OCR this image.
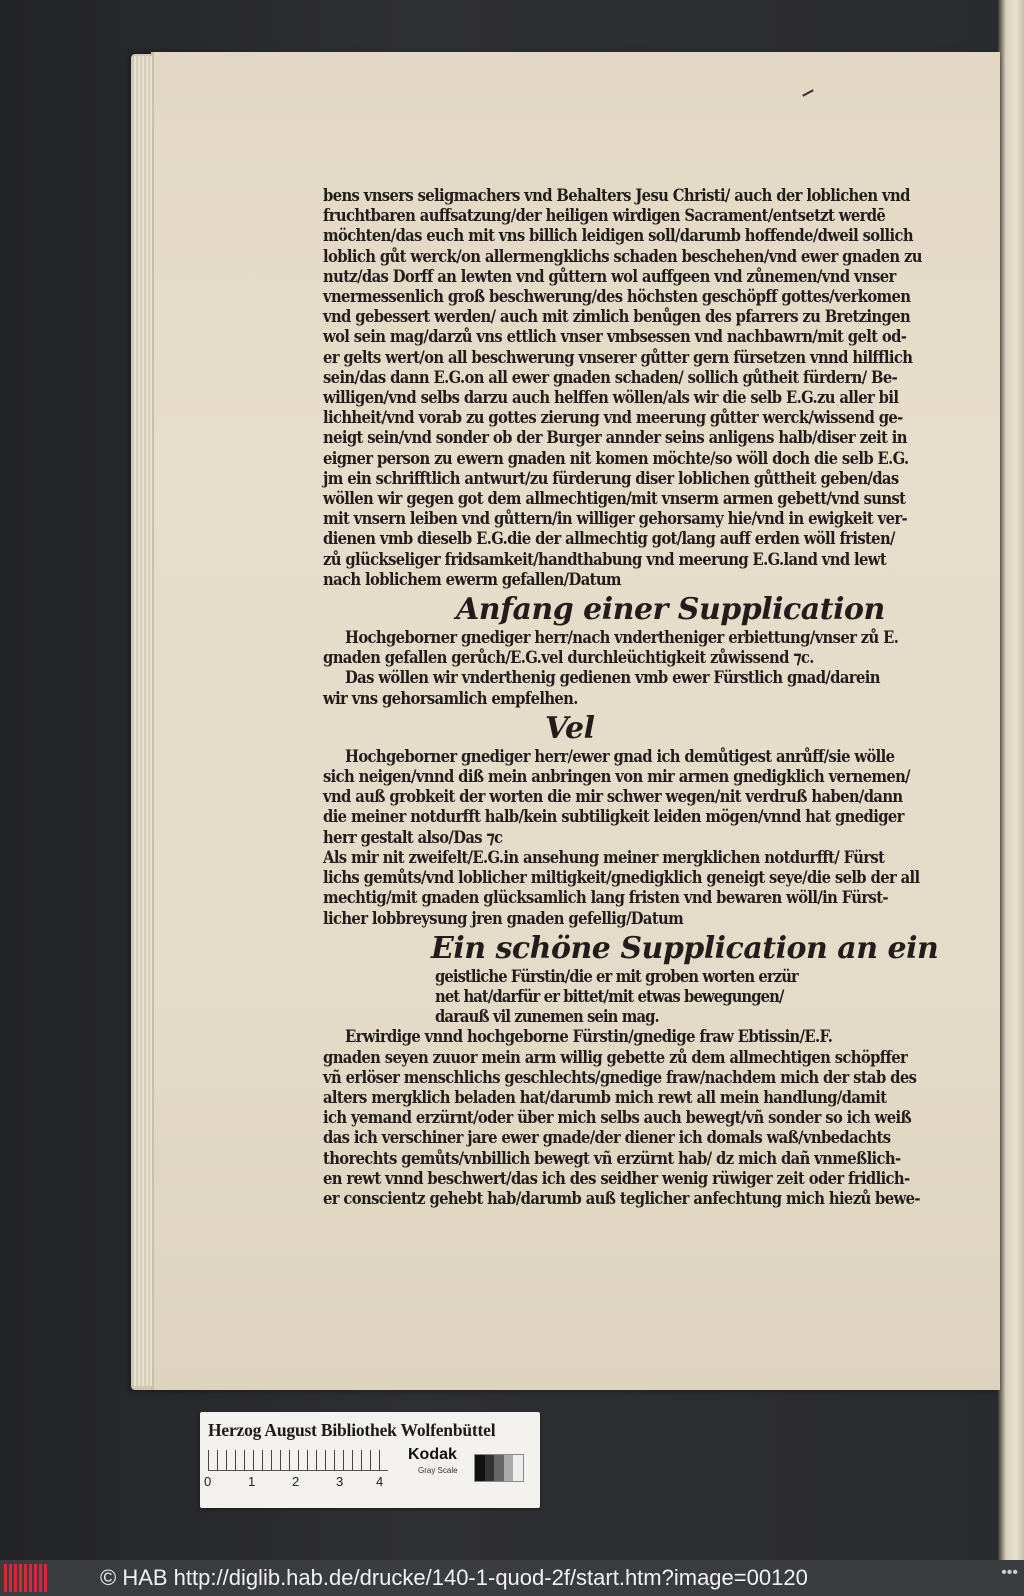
bens vnsers seligmachers vnd Behalters Jesu Christi/ auch der loblichen vnd
fruchtbaren auffsatzung/der heiligen wirdigen Sacrament/entsetzt werdē
möchten/das euch mit vns billich leidigen soll/darumb hoffende/dweil sollich
loblich gůt werck/on allermengklichs schaden beschehen/vnd ewer gnaden zu
nutz/das Dorff an lewten vnd gůttern wol auffgeen vnd zůnemen/vnd vnser
vnermessenlich groß beschwerung/des höchsten geschöpff gottes/verkomen
vnd gebessert werden/ auch mit zimlich benůgen des pfarrers zu Bretzingen
wol sein mag/darzů vns ettlich vnser vmbsessen vnd nachbawrn/mit gelt od-
er gelts wert/on all beschwerung vnserer gůtter gern fürsetzen vnnd hilfflich
sein/das dann E.G.on all ewer gnaden schaden/ sollich gůtheit fürdern/ Be-
willigen/vnd selbs darzu auch helffen wöllen/als wir die selb E.G.zu aller bil
lichheit/vnd vorab zu gottes zierung vnd meerung gůtter werck/wissend ge-
neigt sein/vnd sonder ob der Burger annder seins anligens halb/diser zeit in
eigner person zu ewern gnaden nit komen möchte/so wöll doch die selb E.G.
jm ein schrifftlich antwurt/zu fürderung diser loblichen gůttheit geben/das
wöllen wir gegen got dem allmechtigen/mit vnserm armen gebett/vnd sunst
mit vnsern leiben vnd gůttern/in williger gehorsamy hie/vnd in ewigkeit ver-
dienen vmb dieselb E.G.die der allmechtig got/lang auff erden wöll fristen/
zů glückseliger fridsamkeit/handthabung vnd meerung E.G.land vnd lewt
nach loblichem ewerm gefallen/Datum
Anfang einer Supplication
Hochgeborner gnediger herr/nach vndertheniger erbiettung/vnser zů E.
gnaden gefallen gerůch/E.G.vel durchleüchtigkeit zůwissend ⁊c.
Das wöllen wir vnderthenig gedienen vmb ewer Fürstlich gnad/darein
wir vns gehorsamlich empfelhen.
Vel
Hochgeborner gnediger herr/ewer gnad ich demůtigest anrůff/sie wölle
sich neigen/vnnd diß mein anbringen von mir armen gnedigklich vernemen/
vnd auß grobkeit der worten die mir schwer wegen/nit verdruß haben/dann
die meiner notdurfft halb/kein subtiligkeit leiden mögen/vnnd hat gnediger
herr gestalt also/Das ⁊c
Als mir nit zweifelt/E.G.in ansehung meiner mergklichen notdurfft/ Fürst
lichs gemůts/vnd loblicher miltigkeit/gnedigklich geneigt seye/die selb der all
mechtig/mit gnaden glücksamlich lang fristen vnd bewaren wöll/in Fürst-
licher lobbreysung jren gnaden gefellig/Datum
Ein schöne Supplication an ein
geistliche Fürstin/die er mit groben worten erzür
net hat/darfür er bittet/mit etwas bewegungen/
darauß vil zunemen sein mag.
Erwirdige vnnd hochgeborne Fürstin/gnedige fraw Ebtissin/E.F.
gnaden seyen zuuor mein arm willig gebette zů dem allmechtigen schöpffer
vñ erlöser menschlichs geschlechts/gnedige fraw/nachdem mich der stab des
alters mergklich beladen hat/darumb mich rewt all mein handlung/damit
ich yemand erzürnt/oder über mich selbs auch bewegt/vñ sonder so ich weiß
das ich verschiner jare ewer gnade/der diener ich domals waß/vnbedachts
thorechts gemůts/vnbillich bewegt vñ erzürnt hab/ dz mich dañ vnmeßlich-
en rewt vnnd beschwert/das ich des seidher wenig rüwiger zeit oder fridlich-
er conscientz gehebt hab/darumb auß teglicher anfechtung mich hiezů bewe-
Herzog August Bibliothek Wolfenbüttel
0	1	2	3	4
Kodak
Gray Scale
© HAB http://diglib.hab.de/drucke/140-1-quod-2f/start.htm?image=00120	•••
